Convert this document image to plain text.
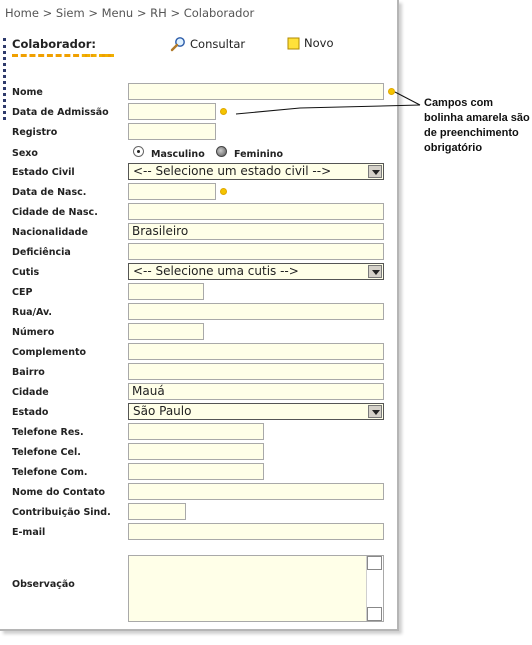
Home > Siem > Menu > RH > Colaborador
Colaborador:	Consultar	Novo
Nome
Data de Admissão
Registro
Sexo	Masculino	Feminino
Estado Civil	<-- Selecione um estado civil -->
Data de Nasc.
Cidade de Nasc.
Nacionalidade	Brasileiro
Deficiência
Cutis	<-- Selecione uma cutis -->
CEP
Rua/Av.
Número
Complemento
Bairro
Cidade	Mauá
Estado	São Paulo
Telefone Res.
Telefone Cel.
Telefone Com.
Nome do Contato
Contribuição Sind.
E-mail
Observação
Campos com bolinha amarela são de preenchimento obrigatório
